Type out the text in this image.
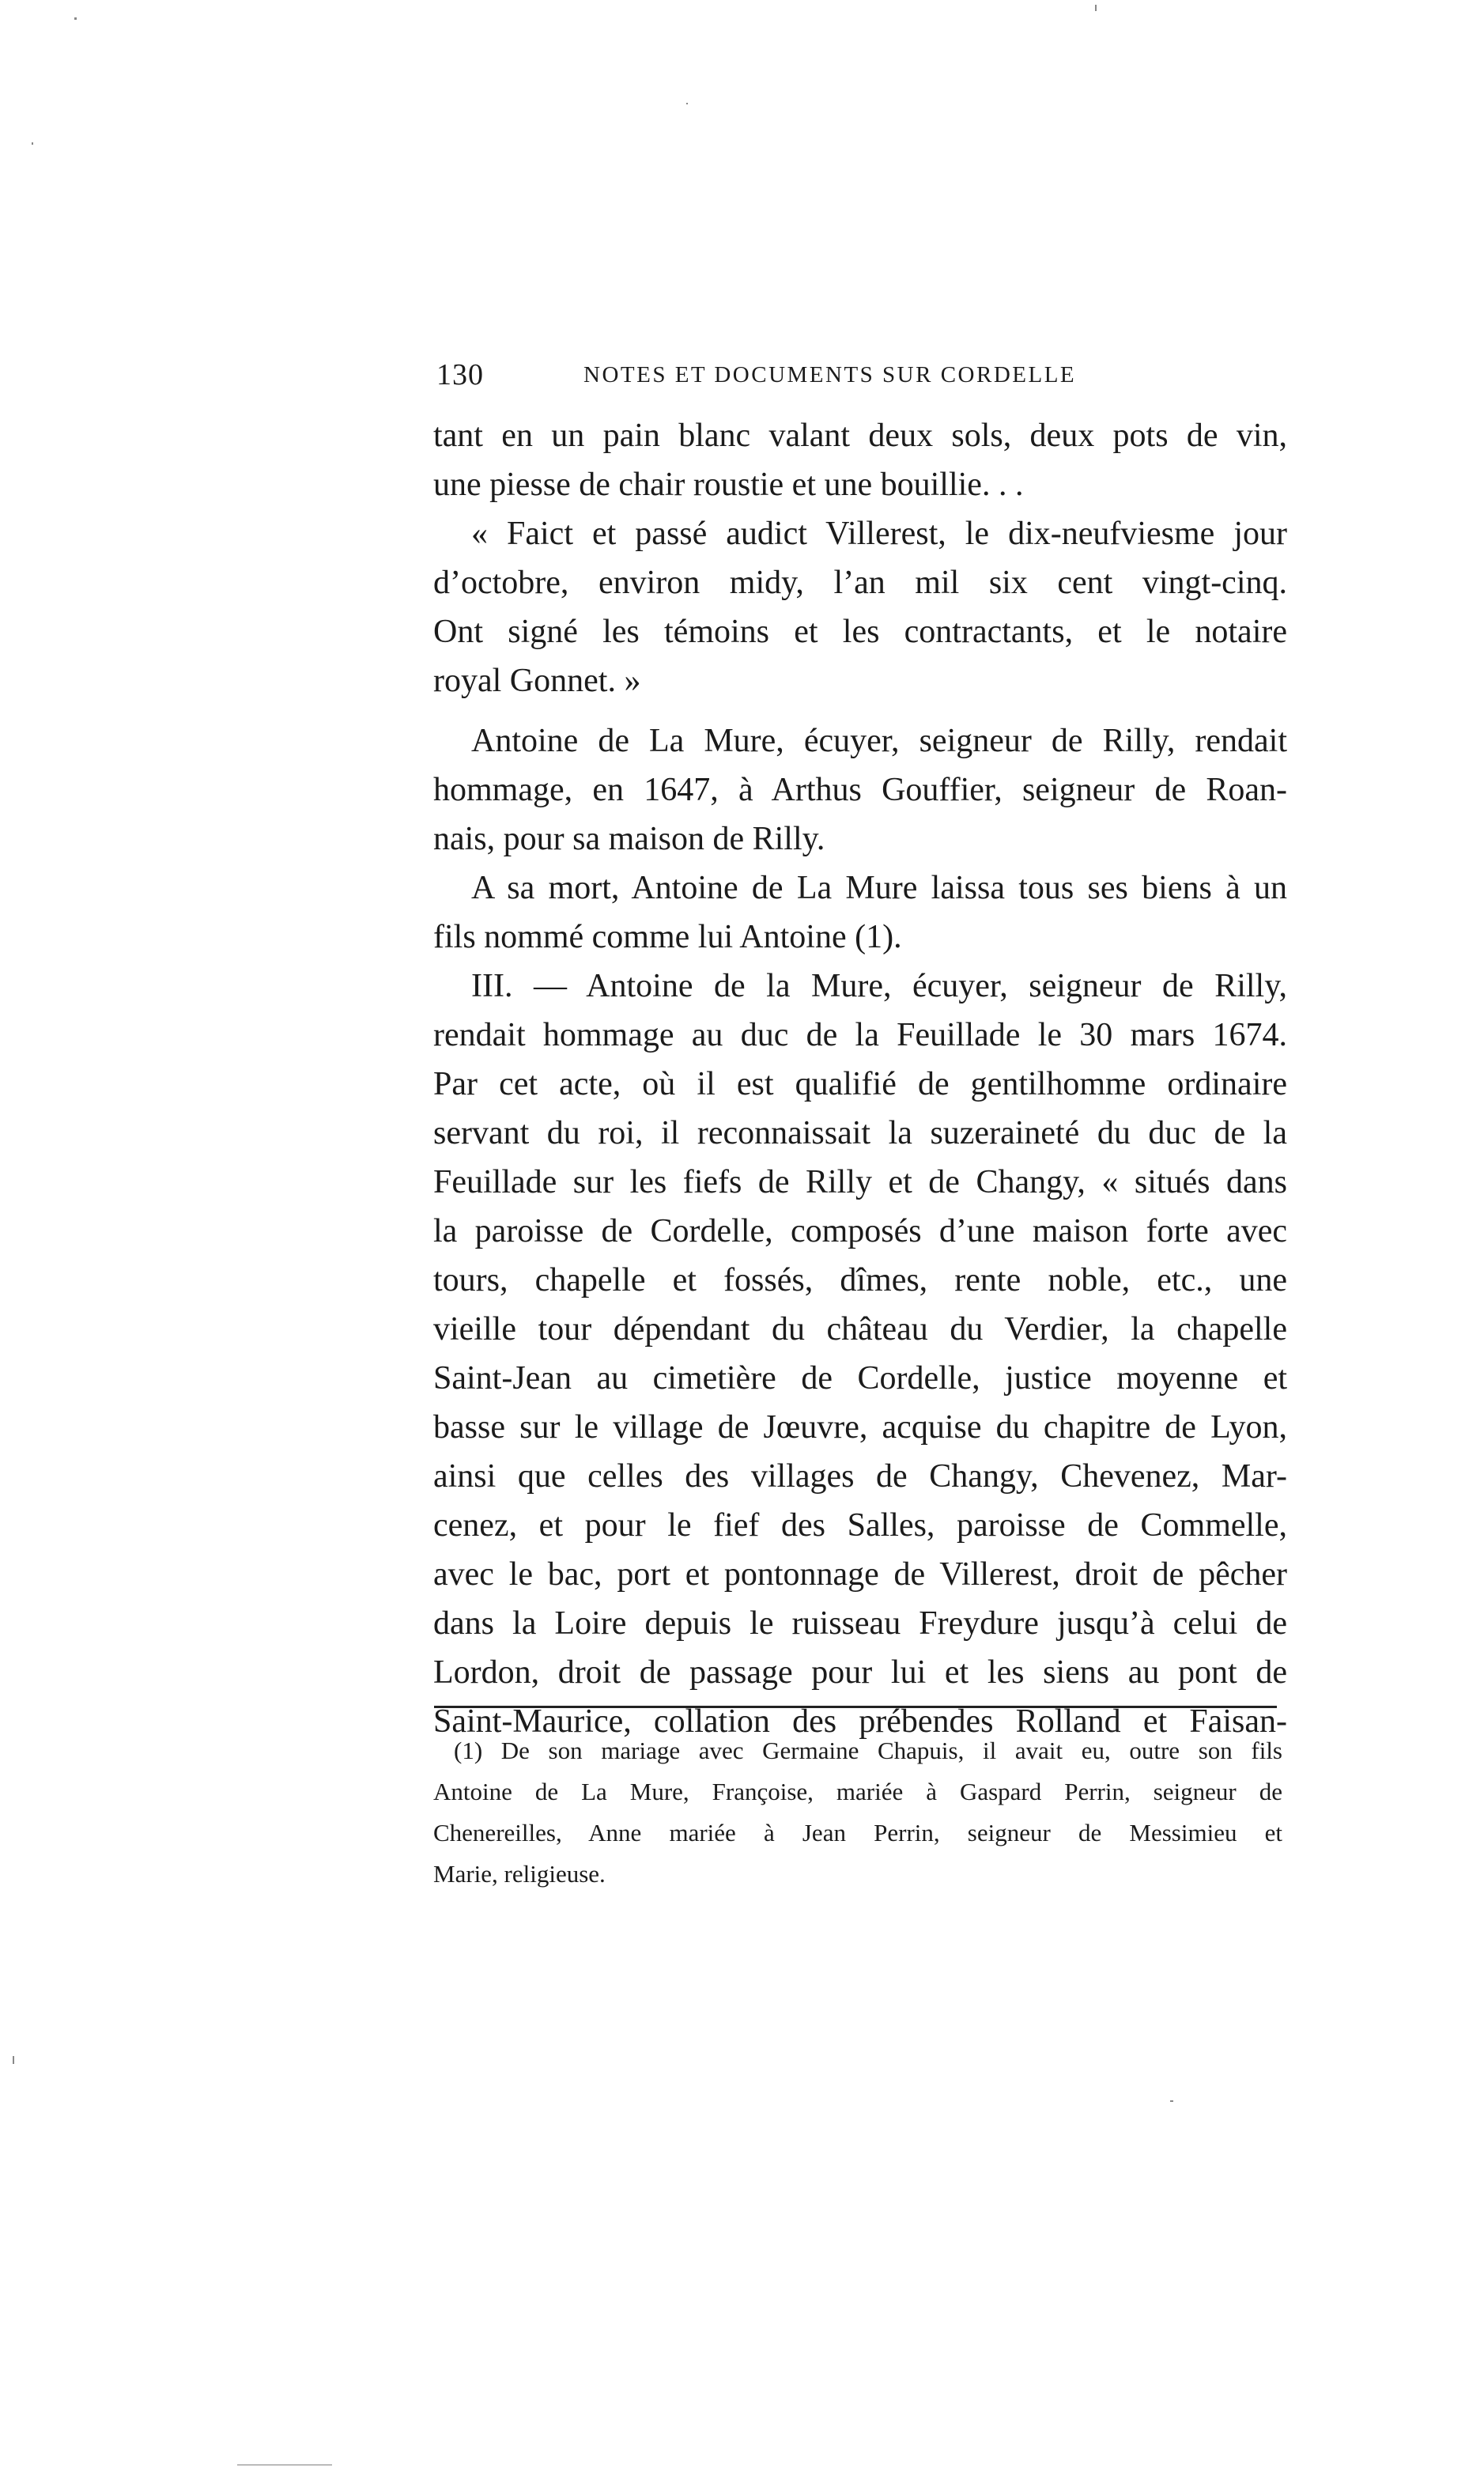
130	NOTES ET DOCUMENTS SUR CORDELLE
tant en un pain blanc valant deux sols, deux pots de vin,
une piesse de chair roustie et une bouillie. . .
« Faict et passé audict Villerest, le dix-neufviesme jour
d’octobre, environ midy, l’an mil six cent vingt-cinq.
Ont signé les témoins et les contractants, et le notaire
royal Gonnet. »
Antoine de La Mure, écuyer, seigneur de Rilly, rendait
hommage, en 1647, à Arthus Gouffier, seigneur de Roan-
nais, pour sa maison de Rilly.
A sa mort, Antoine de La Mure laissa tous ses biens à un
fils nommé comme lui Antoine (1).
III. — Antoine de la Mure, écuyer, seigneur de Rilly,
rendait hommage au duc de la Feuillade le 30 mars 1674.
Par cet acte, où il est qualifié de gentilhomme ordinaire
servant du roi, il reconnaissait la suzeraineté du duc de la
Feuillade sur les fiefs de Rilly et de Changy, « situés dans
la paroisse de Cordelle, composés d’une maison forte avec
tours, chapelle et fossés, dîmes, rente noble, etc., une
vieille tour dépendant du château du Verdier, la chapelle
Saint-Jean au cimetière de Cordelle, justice moyenne et
basse sur le village de Jœuvre, acquise du chapitre de Lyon,
ainsi que celles des villages de Changy, Chevenez, Mar-
cenez, et pour le fief des Salles, paroisse de Commelle,
avec le bac, port et pontonnage de Villerest, droit de pêcher
dans la Loire depuis le ruisseau Freydure jusqu’à celui de
Lordon, droit de passage pour lui et les siens au pont de
Saint-Maurice, collation des prébendes Rolland et Faisan-
(1) De son mariage avec Germaine Chapuis, il avait eu, outre son fils
Antoine de La Mure, Françoise, mariée à Gaspard Perrin, seigneur de
Chenereilles, Anne mariée à Jean Perrin, seigneur de Messimieu et
Marie, religieuse.
